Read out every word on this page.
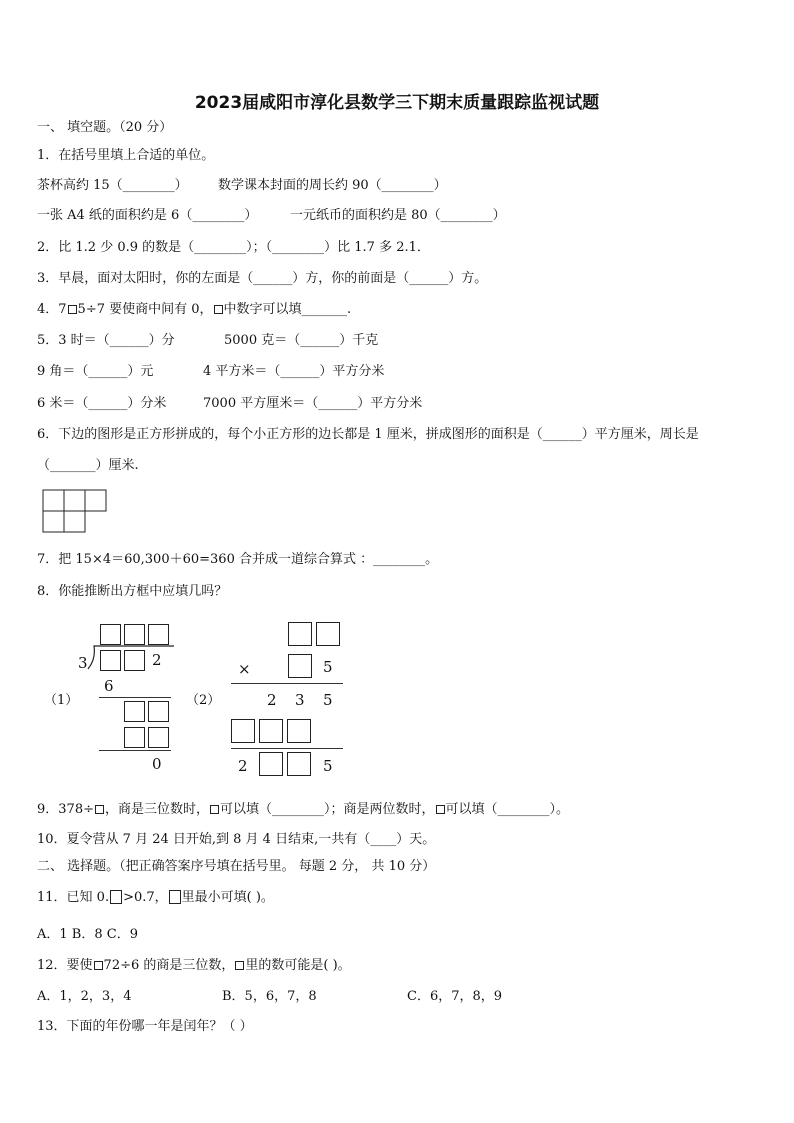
2023届咸阳市淳化县数学三下期末质量跟踪监视试题
一、 填空题。（20 分）
1．在括号里填上合适的单位。
茶杯高约 15（________） 数学课本封面的周长约 90（________）
一张 A4 纸的面积约是 6（________）	一元纸币的面积约是 80（________）
2．比 1.2 少 0.9 的数是（________）；（________）比 1.7 多 2.1．
3．早晨，面对太阳时，你的左面是（______）方，你的前面是（______）方。
4．7 5÷7 要使商中间有 0， 中数字可以填_______.
5．3 时＝（______）分	5000 克＝（______）千克
9 角＝（______）元	4 平方米＝（______）平方分米
6 米＝（______）分米	7000 平方厘米＝（______）平方分米
6．下边的图形是正方形拼成的，每个小正方形的边长都是 1 厘米，拼成图形的面积是（______）平方厘米，周长是
（_______）厘米.
7．把 15×4＝60,300＋60=360 合并成一道综合算式 ：________。
8．你能推断出方框中应填几吗？
（1）
3	2
6
0
（2）
×	5
2 3 5
2	5
9．378÷ ，商是三位数时， 可以填（________）；商是两位数时， 可以填（________）。
10．夏令营从 7 月 24 日开始,到 8 月 4 日结束,一共有（____）天。
二、 选择题。（把正确答案序号填在括号里。 每题 2 分， 共 10 分）
11．已知 0. >0.7， 里最小可填( )。
A．1 B．8 C．9
12．要使 72÷6 的商是三位数， 里的数可能是( )。
A．1，2，3，4	B．5，6，7，8	C．6，7，8，9
13．下面的年份哪一年是闰年？（ ）
